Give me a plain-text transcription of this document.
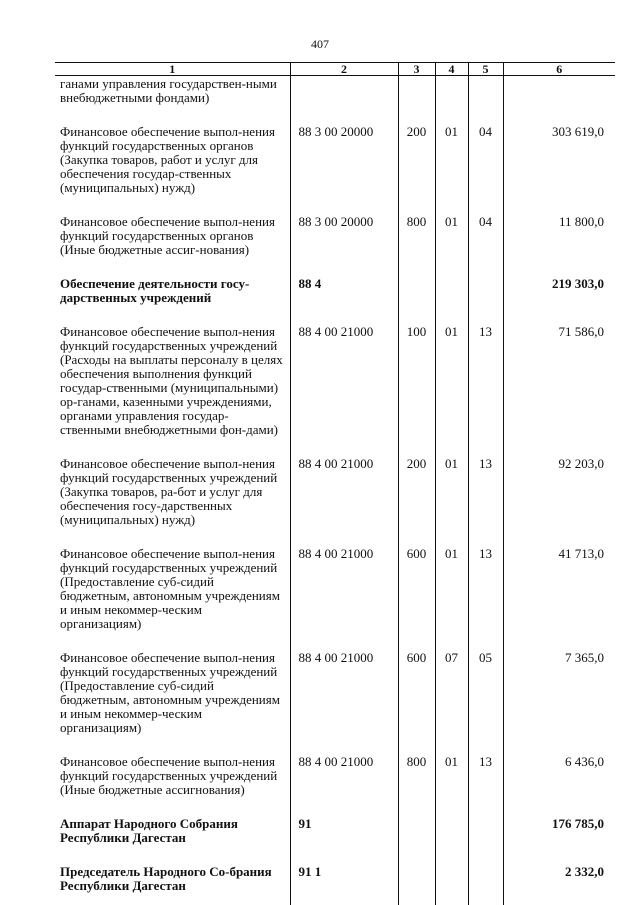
407
1	2	3	4	5	6
ганами управления государствен-ными внебюджетными фондами)					
Финансовое обеспечение выпол-нения функций государственных органов (Закупка товаров, работ и услуг для обеспечения государ-ственных (муниципальных) нужд)	88 3 00 20000	200	01	04	303 619,0
Финансовое обеспечение выпол-нения функций государственных органов (Иные бюджетные ассиг-нования)	88 3 00 20000	800	01	04	11 800,0
Обеспечение деятельности госу-дарственных учреждений	88 4				219 303,0
Финансовое обеспечение выпол-нения функций государственных учреждений (Расходы на выплаты персоналу в целях обеспечения выполнения функций государ-ственными (муниципальными) ор-ганами, казенными учреждениями, органами управления государ-ственными внебюджетными фон-дами)	88 4 00 21000	100	01	13	71 586,0
Финансовое обеспечение выпол-нения функций государственных учреждений (Закупка товаров, ра-бот и услуг для обеспечения госу-дарственных (муниципальных) нужд)	88 4 00 21000	200	01	13	92 203,0
Финансовое обеспечение выпол-нения функций государственных учреждений (Предоставление суб-сидий бюджетным, автономным учреждениям и иным некоммер-ческим организациям)	88 4 00 21000	600	01	13	41 713,0
Финансовое обеспечение выпол-нения функций государственных учреждений (Предоставление суб-сидий бюджетным, автономным учреждениям и иным некоммер-ческим организациям)	88 4 00 21000	600	07	05	7 365,0
Финансовое обеспечение выпол-нения функций государственных учреждений (Иные бюджетные ассигнования)	88 4 00 21000	800	01	13	6 436,0
Аппарат Народного Собрания Республики Дагестан	91				176 785,0
Председатель Народного Со-брания Республики Дагестан	91 1				2 332,0
